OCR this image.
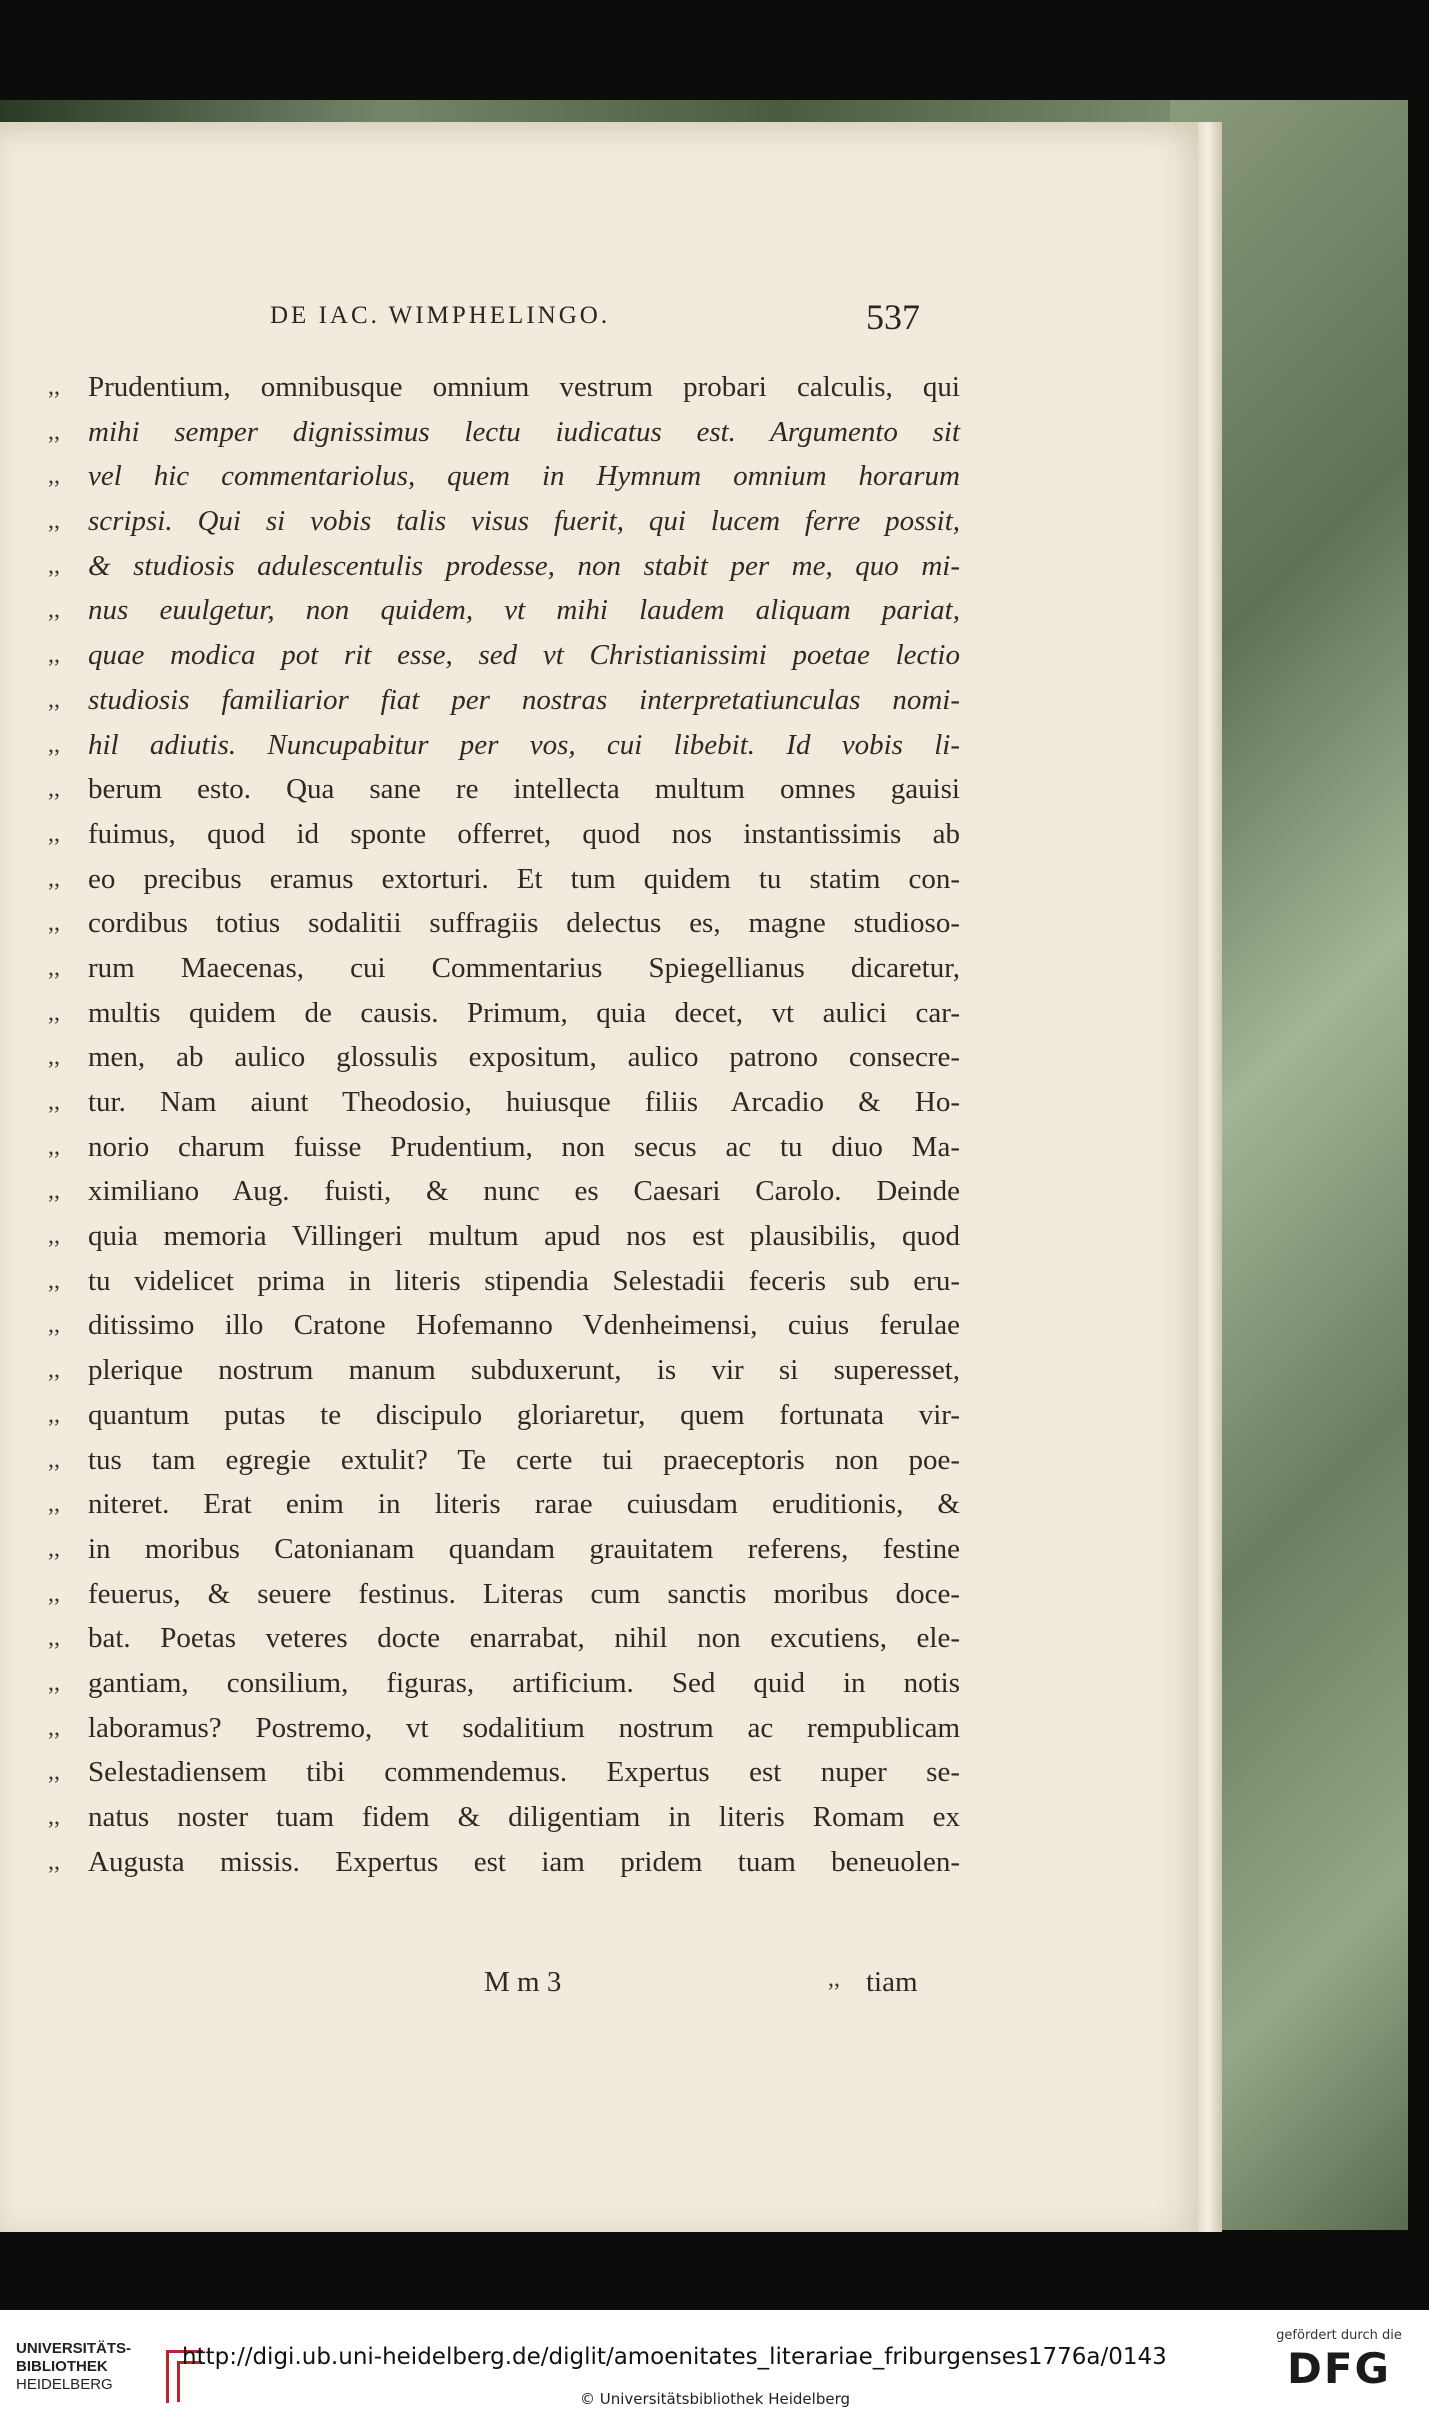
DE IAC. WIMPHELINGO.	537
,, Prudentium, omnibusque omnium vestrum probari calculis, qui
,, mihi semper dignissimus lectu iudicatus est. Argumento sit
,, vel hic commentariolus, quem in Hymnum omnium horarum
,, scripsi. Qui si vobis talis visus fuerit, qui lucem ferre possit,
,, & studiosis adulescentulis prodesse, non stabit per me, quo mi-
,, nus euulgetur, non quidem, vt mihi laudem aliquam pariat,
,, quae modica pot rit esse, sed vt Christianissimi poetae lectio
,, studiosis familiarior fiat per nostras interpretatiunculas nomi-
,, hil adiutis. Nuncupabitur per vos, cui libebit. Id vobis li-
,, berum esto. Qua sane re intellecta multum omnes gauisi
,, fuimus, quod id sponte offerret, quod nos instantissimis ab
,, eo precibus eramus extorturi. Et tum quidem tu statim con-
,, cordibus totius sodalitii suffragiis delectus es, magne studioso-
,, rum Maecenas, cui Commentarius Spiegellianus dicaretur,
,, multis quidem de causis. Primum, quia decet, vt aulici car-
,, men, ab aulico glossulis expositum, aulico patrono consecre-
,, tur. Nam aiunt Theodosio, huiusque filiis Arcadio & Ho-
,, norio charum fuisse Prudentium, non secus ac tu diuo Ma-
,, ximiliano Aug. fuisti, & nunc es Caesari Carolo. Deinde
,, quia memoria Villingeri multum apud nos est plausibilis, quod
,, tu videlicet prima in literis stipendia Selestadii feceris sub eru-
,, ditissimo illo Cratone Hofemanno Vdenheimensi, cuius ferulae
,, plerique nostrum manum subduxerunt, is vir si superesset,
,, quantum putas te discipulo gloriaretur, quem fortunata vir-
,, tus tam egregie extulit? Te certe tui praeceptoris non poe-
,, niteret. Erat enim in literis rarae cuiusdam eruditionis, &
,, in moribus Catonianam quandam grauitatem referens, festine
,, feuerus, & seuere festinus. Literas cum sanctis moribus doce-
,, bat. Poetas veteres docte enarrabat, nihil non excutiens, ele-
,, gantiam, consilium, figuras, artificium. Sed quid in notis
,, laboramus? Postremo, vt sodalitium nostrum ac rempublicam
,, Selestadiensem tibi commendemus. Expertus est nuper se-
,, natus noster tuam fidem & diligentiam in literis Romam ex
,, Augusta missis. Expertus est iam pridem tuam beneuolen-
M m 3	,, tiam
UNIVERSITÄTS-
BIBLIOTHEK
HEIDELBERG
http://digi.ub.uni-heidelberg.de/diglit/amoenitates_literariae_friburgenses1776a/0143
© Universitätsbibliothek Heidelberg
gefördert durch die
DFG
